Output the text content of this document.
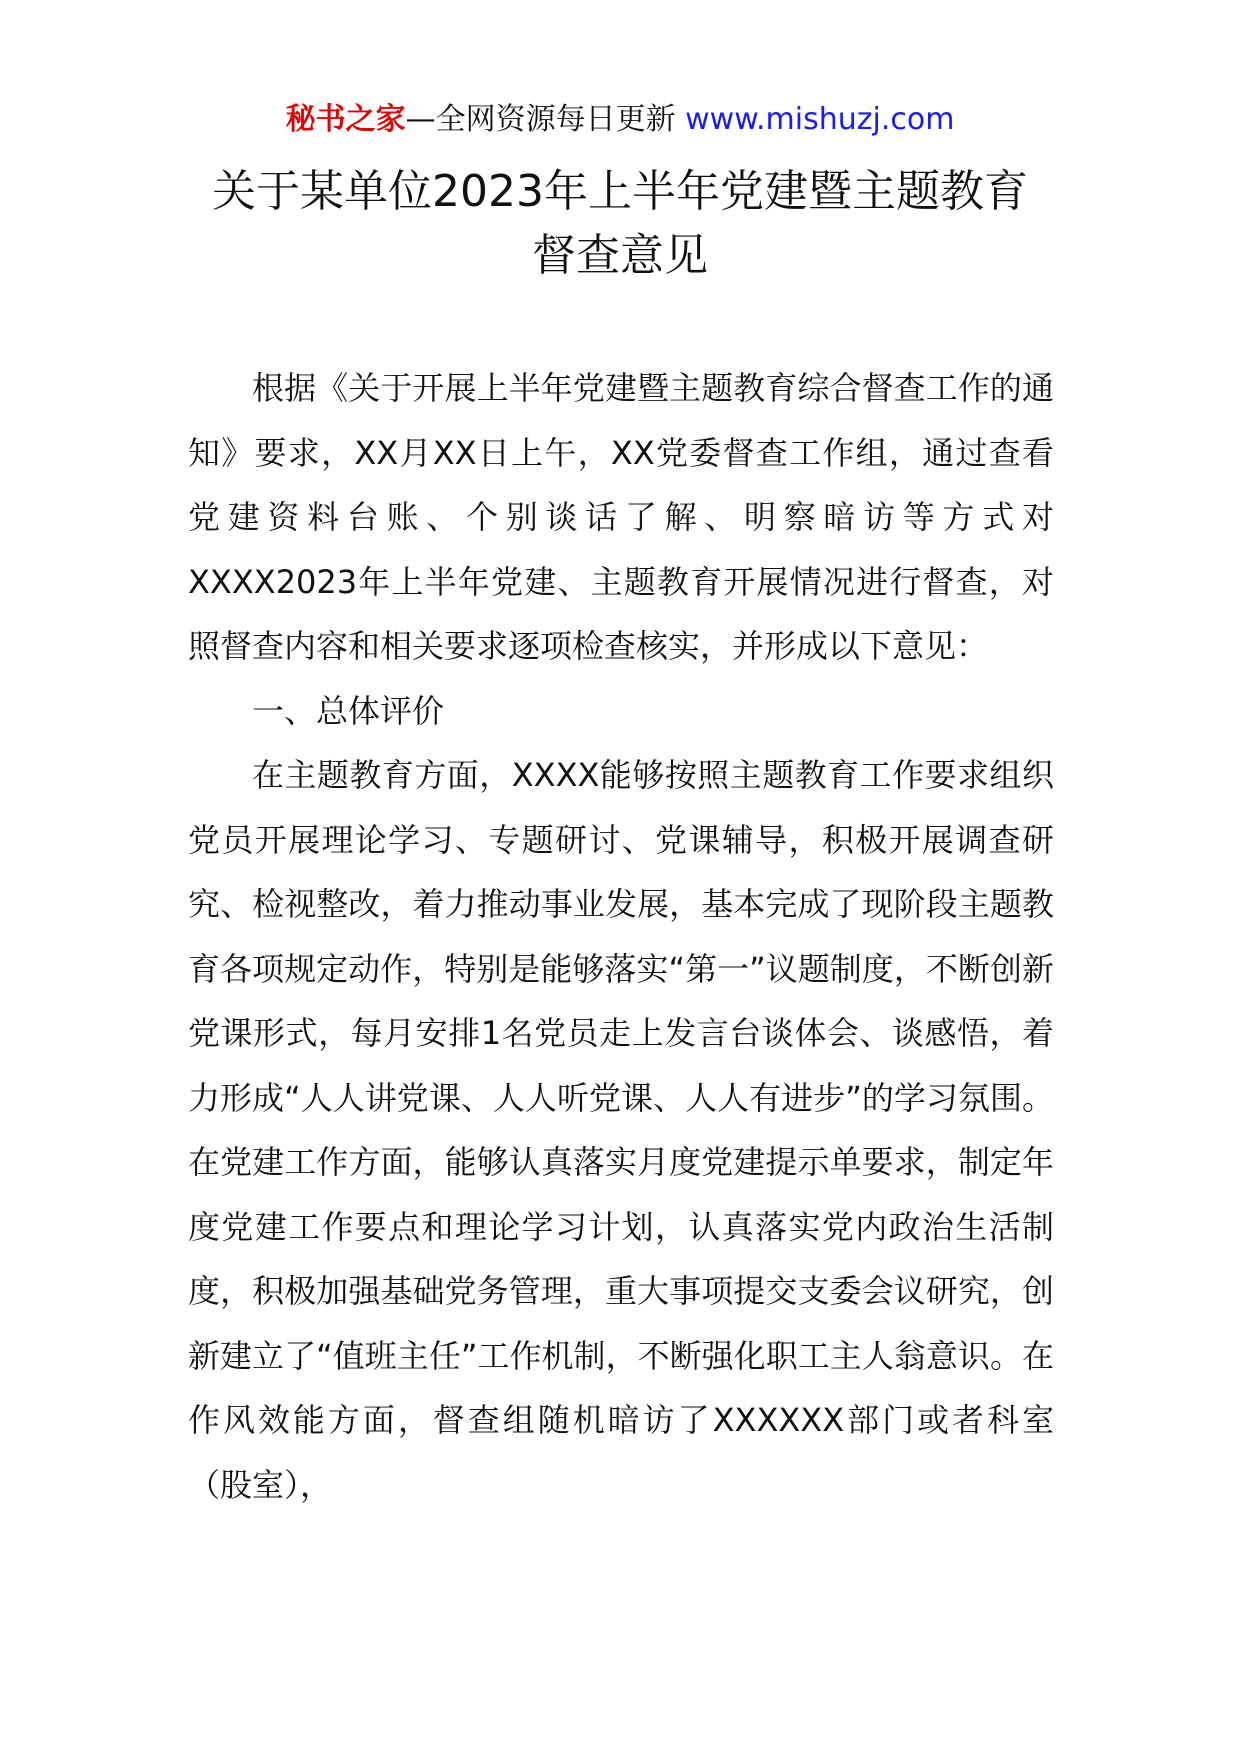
秘书之家—全网资源每日更新 www.mishuzj.com
关于某单位2023年上半年党建暨主题教育
督查意见

根据《关于开展上半年党建暨主题教育综合督查工作的通知》要求，XX月XX日上午，XX党委督查工作组，通过查看党建资料台账、个别谈话了解、明察暗访等方式对XXXX2023年上半年党建、主题教育开展情况进行督查，对照督查内容和相关要求逐项检查核实，并形成以下意见：

一、总体评价

在主题教育方面，XXXX能够按照主题教育工作要求组织党员开展理论学习、专题研讨、党课辅导，积极开展调查研究、检视整改，着力推动事业发展，基本完成了现阶段主题教育各项规定动作，特别是能够落实“第一”议题制度，不断创新党课形式，每月安排1名党员走上发言台谈体会、谈感悟，着力形成“人人讲党课、人人听党课、人人有进步”的学习氛围。在党建工作方面，能够认真落实月度党建提示单要求，制定年度党建工作要点和理论学习计划，认真落实党内政治生活制度，积极加强基础党务管理，重大事项提交支委会议研究，创新建立了“值班主任”工作机制，不断强化职工主人翁意识。在作风效能方面，督查组随机暗访了XXXXXX部门或者科室（股室），
